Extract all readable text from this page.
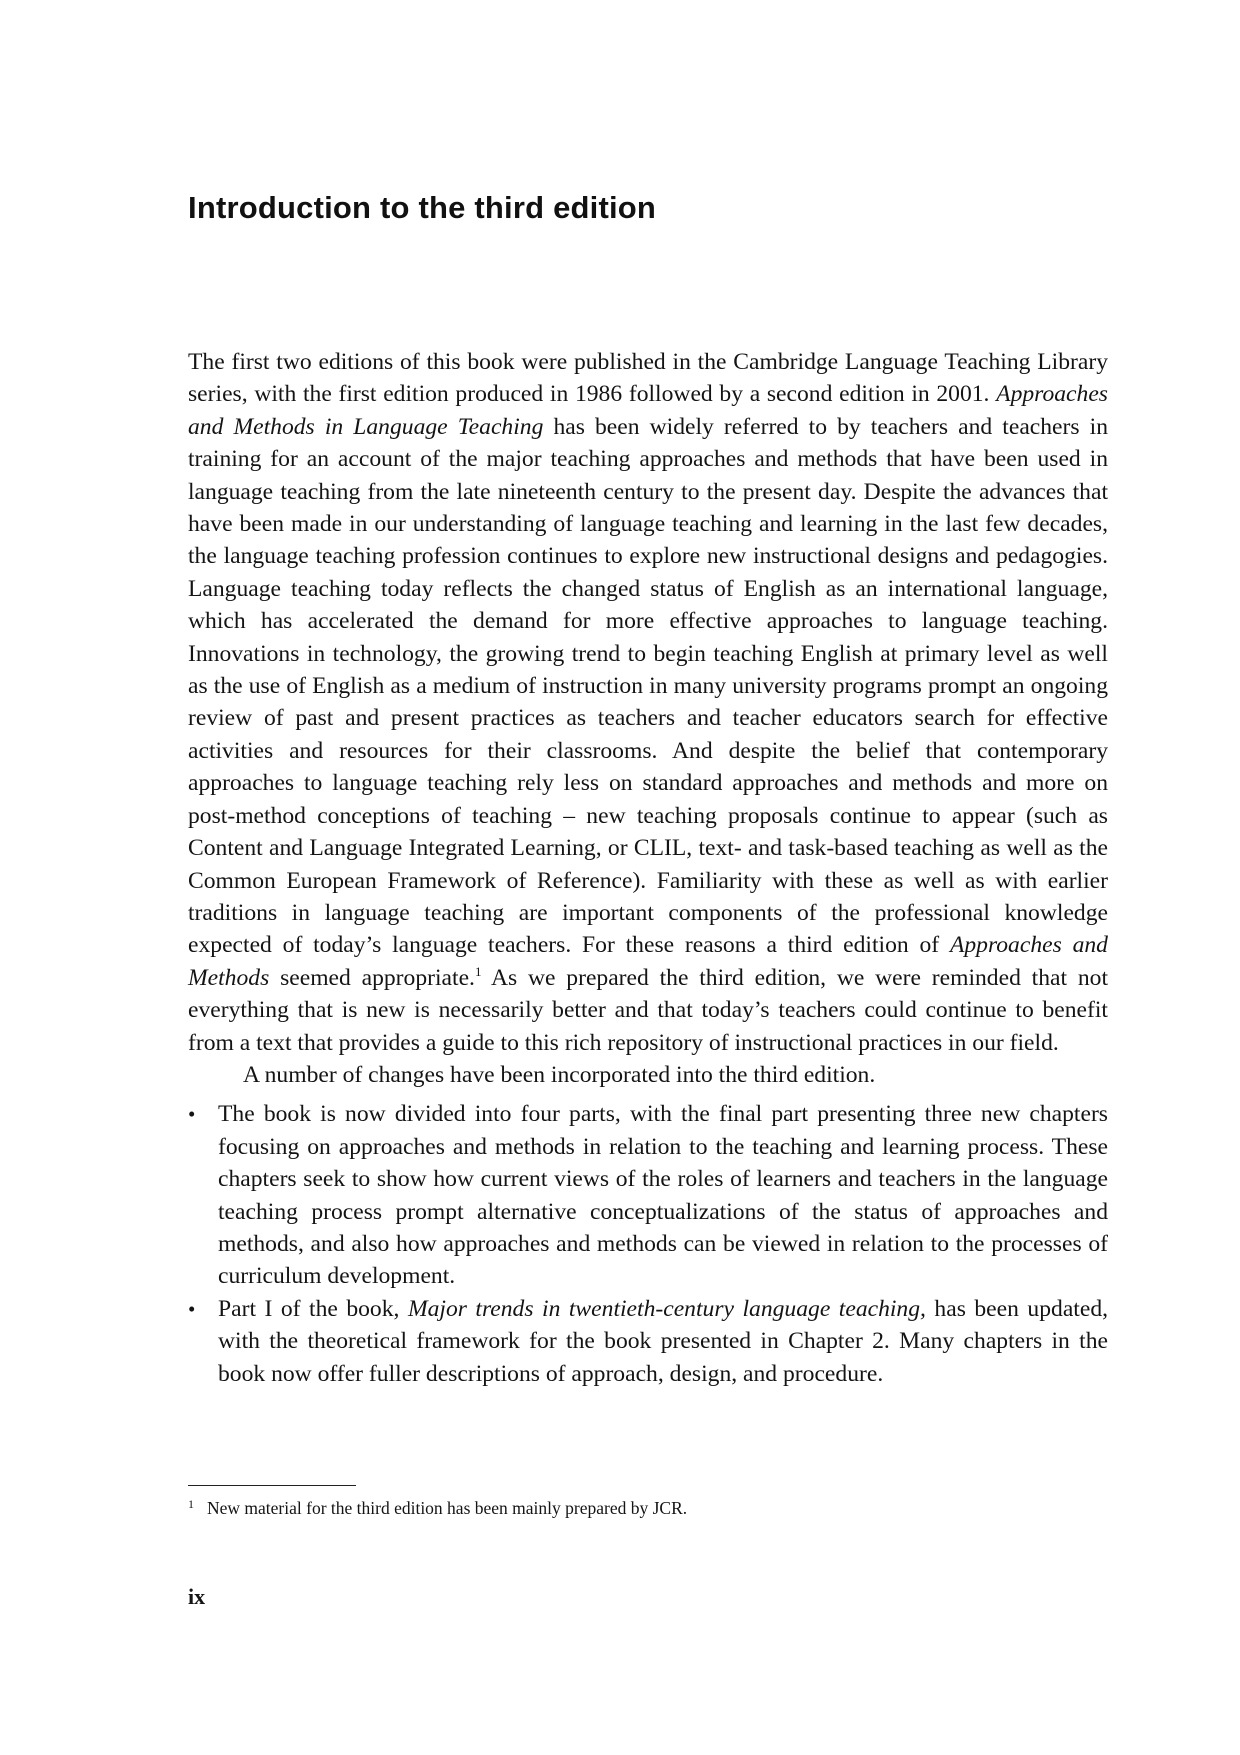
Introduction to the third edition

The first two editions of this book were published in the Cambridge Language Teaching Library series, with the first edition produced in 1986 followed by a second edition in 2001. Approaches and Methods in Language Teaching has been widely referred to by teachers and teachers in training for an account of the major teaching approaches and methods that have been used in language teaching from the late nineteenth century to the present day. Despite the advances that have been made in our understanding of language teaching and learning in the last few decades, the language teaching profession continues to explore new instructional designs and pedagogies. Language teaching today reflects the changed status of English as an international language, which has accelerated the demand for more effective approaches to language teaching. Innovations in technology, the growing trend to begin teaching English at primary level as well as the use of English as a medium of instruction in many university programs prompt an ongoing review of past and present practices as teachers and teacher educators search for effective activities and resources for their classrooms. And despite the belief that contemporary approaches to language teaching rely less on standard approaches and methods and more on post-method conceptions of teaching – new teaching proposals continue to appear (such as Content and Language Integrated Learning, or CLIL, text- and task-based teaching as well as the Common European Framework of Reference). Familiarity with these as well as with earlier traditions in language teaching are important components of the professional knowledge expected of today’s language teachers. For these reasons a third edition of Approaches and Methods seemed appropriate.$^1$ As we prepared the third edition, we were reminded that not everything that is new is necessarily better and that today’s teachers could continue to benefit from a text that provides a guide to this rich repository of instructional practices in our field.

A number of changes have been incorporated into the third edition.

• The book is now divided into four parts, with the final part presenting three new chapters focusing on approaches and methods in relation to the teaching and learning process. These chapters seek to show how current views of the roles of learners and teachers in the language teaching process prompt alternative conceptualizations of the status of approaches and methods, and also how approaches and methods can be viewed in relation to the processes of curriculum development.
• Part I of the book, Major trends in twentieth-century language teaching, has been updated, with the theoretical framework for the book presented in Chapter 2. Many chapters in the book now offer fuller descriptions of approach, design, and procedure.
$^1$ New material for the third edition has been mainly prepared by JCR.
ix
